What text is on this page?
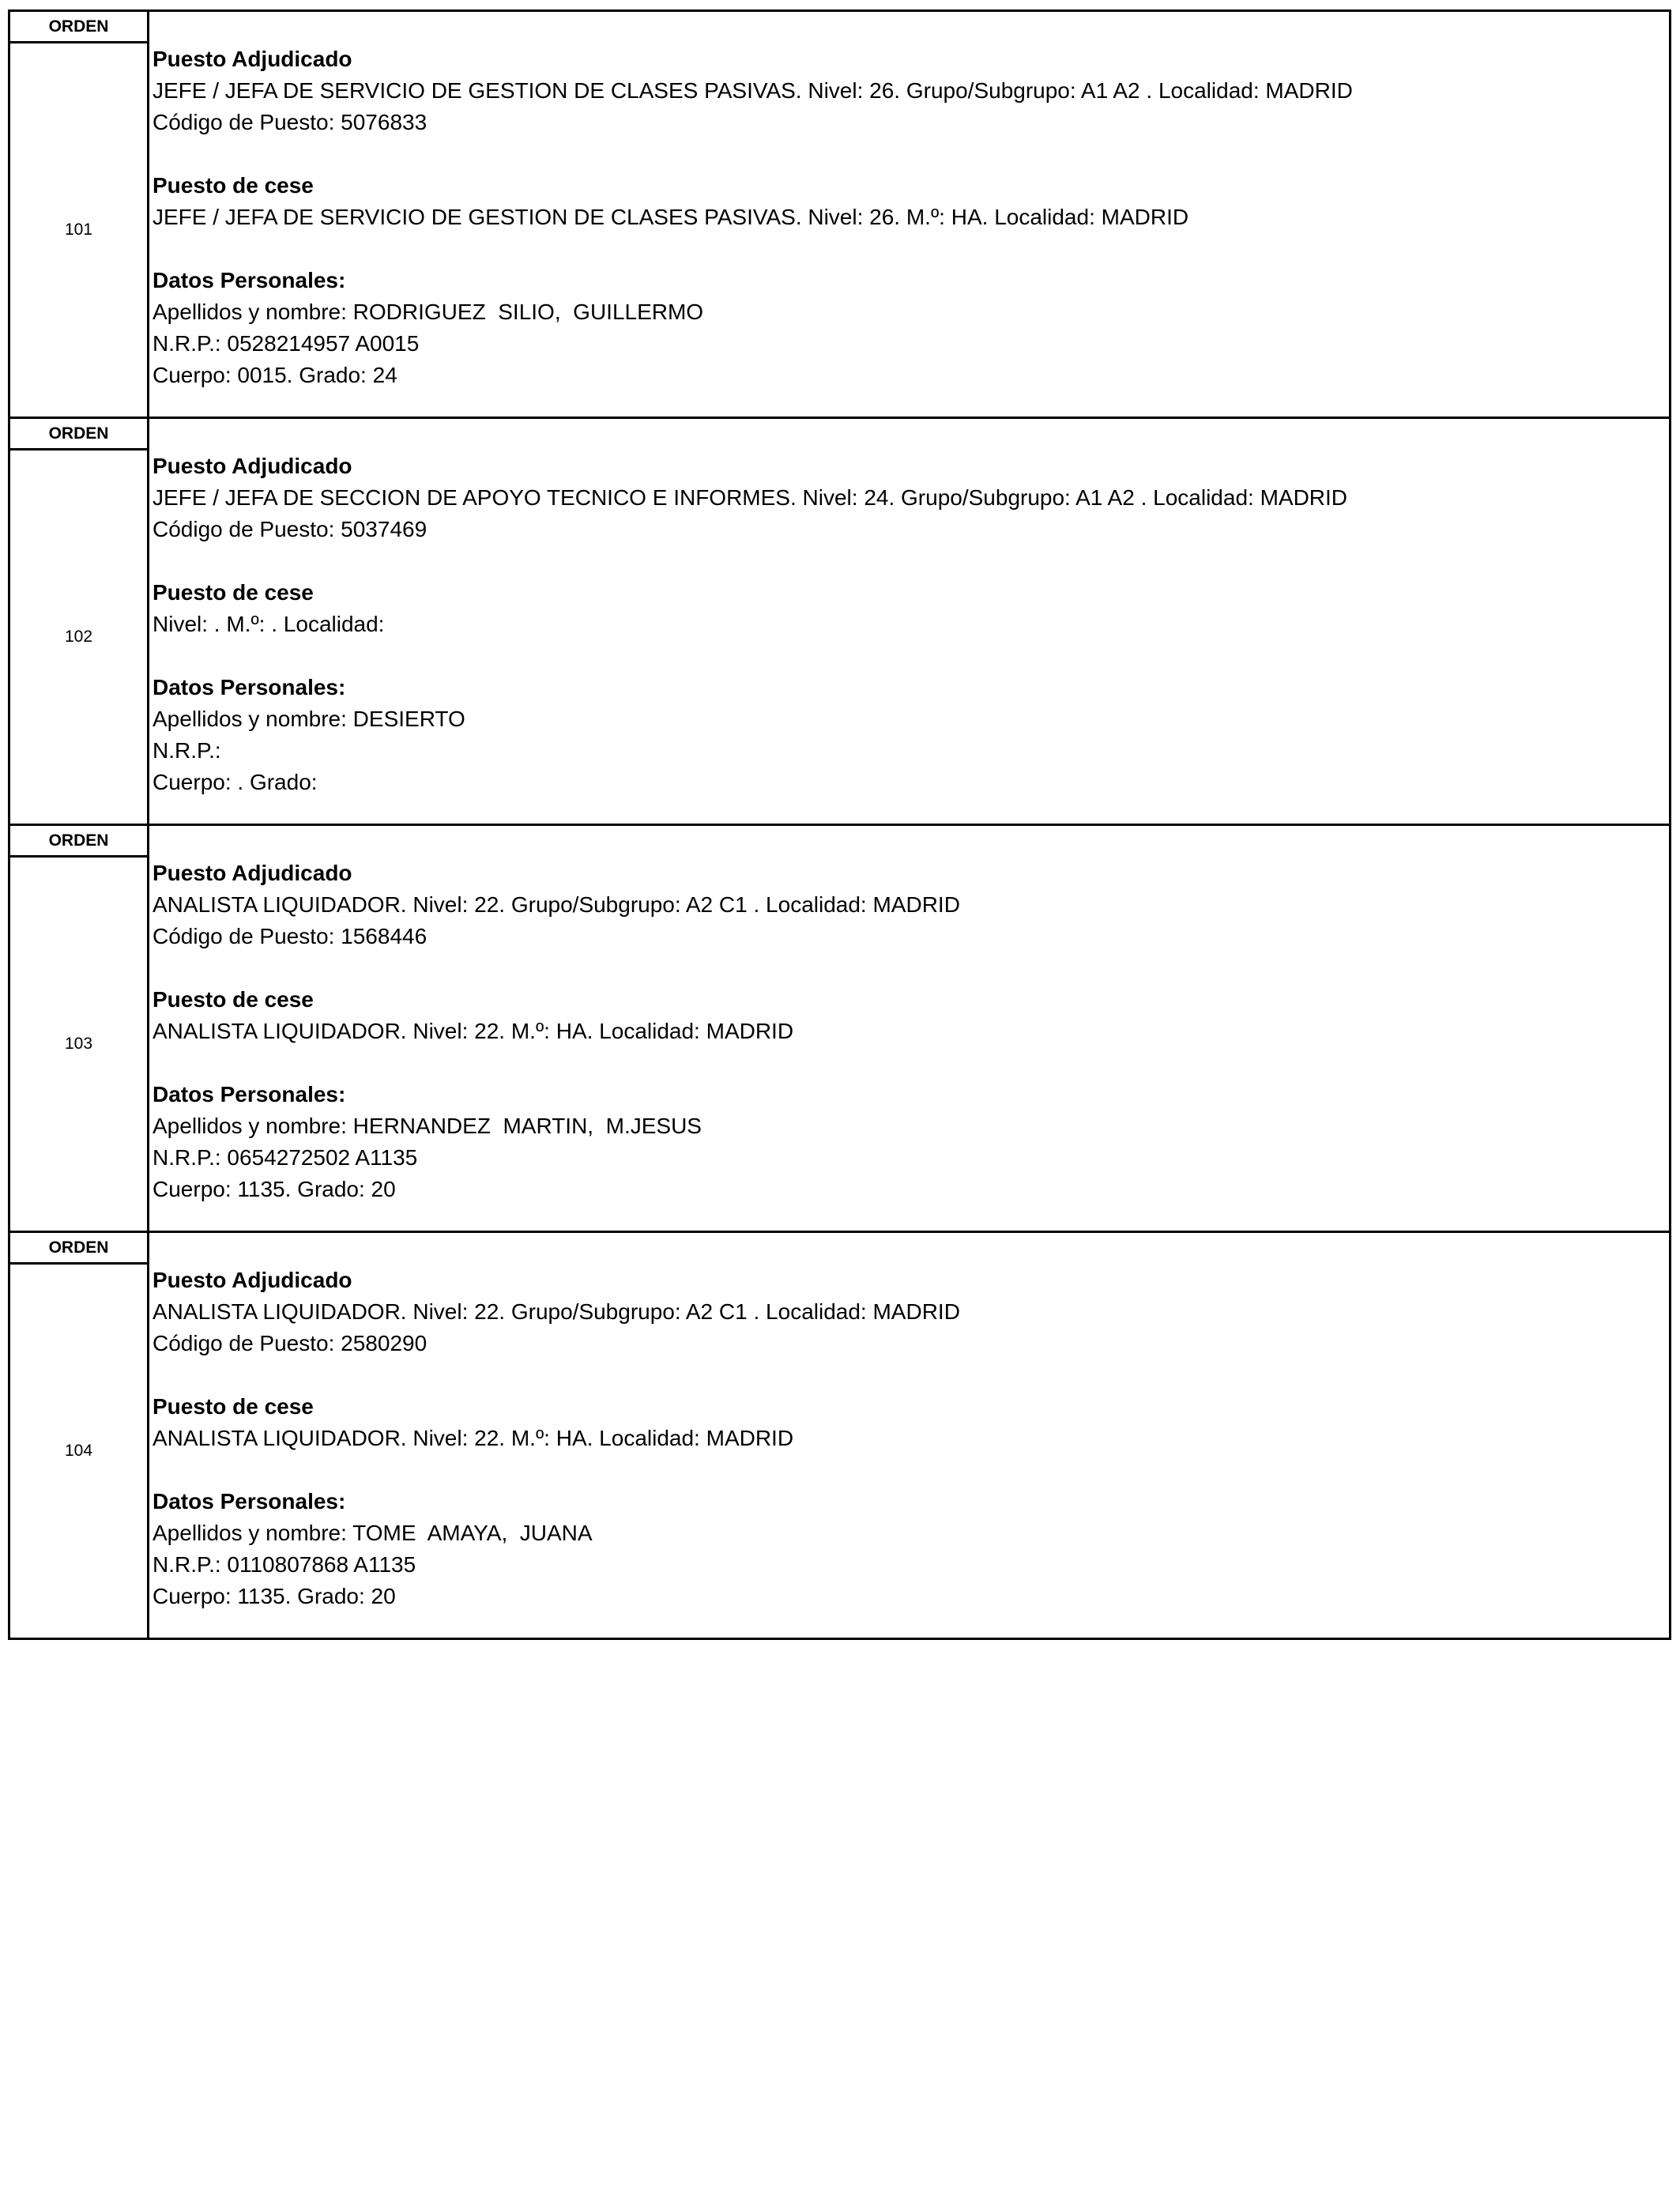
ORDEN
101
Puesto Adjudicado
JEFE / JEFA DE SERVICIO DE GESTION DE CLASES PASIVAS. Nivel: 26. Grupo/Subgrupo: A1 A2 . Localidad: MADRID
Código de Puesto: 5076833
Puesto de cese
JEFE / JEFA DE SERVICIO DE GESTION DE CLASES PASIVAS. Nivel: 26. M.º: HA. Localidad: MADRID
Datos Personales:
Apellidos y nombre: RODRIGUEZ  SILIO,  GUILLERMO
N.R.P.: 0528214957 A0015
Cuerpo: 0015. Grado: 24
ORDEN
102
Puesto Adjudicado
JEFE / JEFA DE SECCION DE APOYO TECNICO E INFORMES. Nivel: 24. Grupo/Subgrupo: A1 A2 . Localidad: MADRID
Código de Puesto: 5037469
Puesto de cese
Nivel: . M.º: . Localidad:
Datos Personales:
Apellidos y nombre: DESIERTO
N.R.P.:
Cuerpo: . Grado:
ORDEN
103
Puesto Adjudicado
ANALISTA LIQUIDADOR. Nivel: 22. Grupo/Subgrupo: A2 C1 . Localidad: MADRID
Código de Puesto: 1568446
Puesto de cese
ANALISTA LIQUIDADOR. Nivel: 22. M.º: HA. Localidad: MADRID
Datos Personales:
Apellidos y nombre: HERNANDEZ  MARTIN,  M.JESUS
N.R.P.: 0654272502 A1135
Cuerpo: 1135. Grado: 20
ORDEN
104
Puesto Adjudicado
ANALISTA LIQUIDADOR. Nivel: 22. Grupo/Subgrupo: A2 C1 . Localidad: MADRID
Código de Puesto: 2580290
Puesto de cese
ANALISTA LIQUIDADOR. Nivel: 22. M.º: HA. Localidad: MADRID
Datos Personales:
Apellidos y nombre: TOME  AMAYA,  JUANA
N.R.P.: 0110807868 A1135
Cuerpo: 1135. Grado: 20
